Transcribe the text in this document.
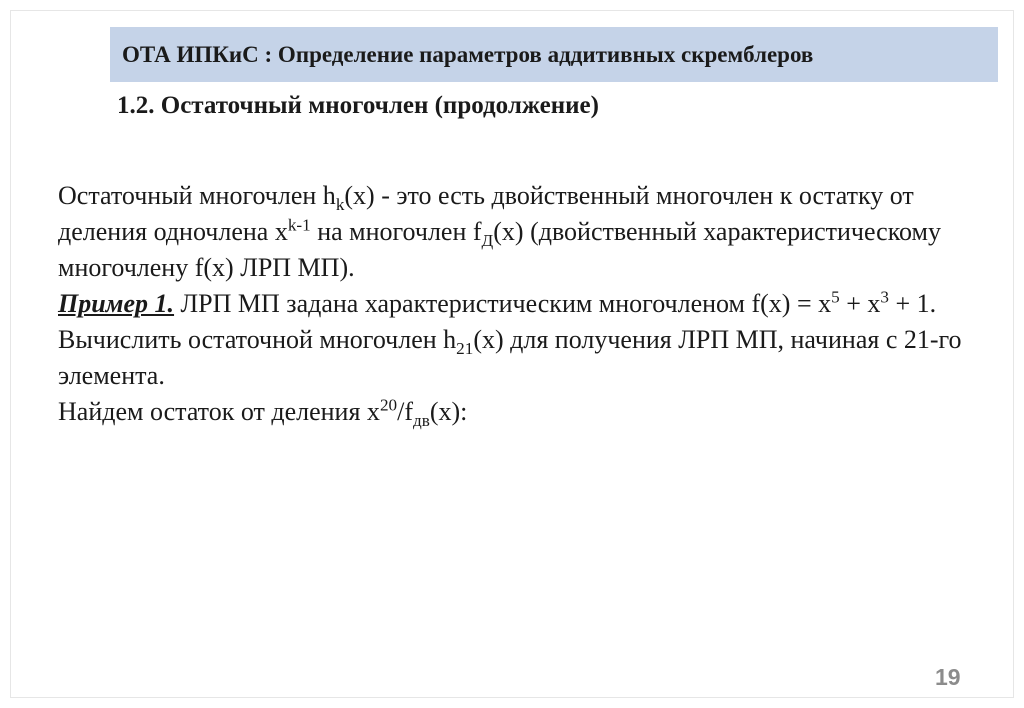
ОТА ИПКиС : Определение параметров аддитивных скремблеров
1.2. Остаточный многочлен (продолжение)

Остаточный многочлен $h_k(x)$ - это есть двойственный многочлен к остатку от деления одночлена $x^{k-1}$ на многочлен $f_Д(x)$ (двойственный характеристическому многочлену f(x) ЛРП МП).

Пример 1. ЛРП МП задана характеристическим многочленом $f(x) = x^5 + x^3 + 1$.

Вычислить остаточной многочлен $h_{21}(x)$ для получения ЛРП МП, начиная с 21-го элемента.

Найдем остаток от деления $x^{20}/f_{дв}(x)$:

19
